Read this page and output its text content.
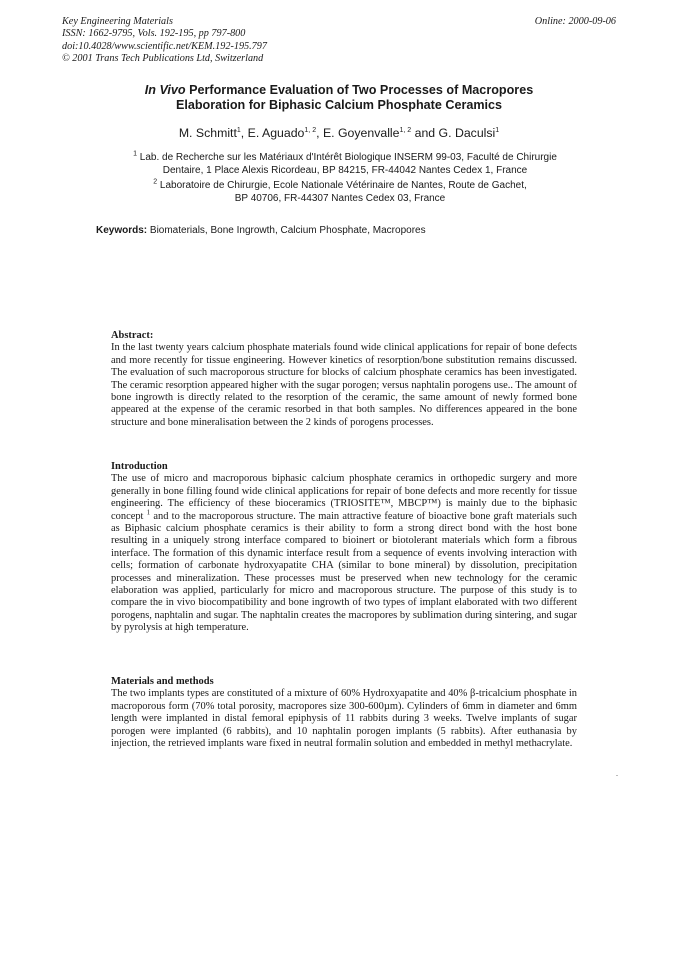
Key Engineering Materials
ISSN: 1662-9795, Vols. 192-195, pp 797-800
doi:10.4028/www.scientific.net/KEM.192-195.797
© 2001 Trans Tech Publications Ltd, Switzerland
Online: 2000-09-06
In Vivo Performance Evaluation of Two Processes of Macropores
Elaboration for Biphasic Calcium Phosphate Ceramics
M. Schmitt$^1$, E. Aguado$^{1, 2}$, E. Goyenvalle$^{1, 2}$ and G. Daculsi$^1$
$^1$ Lab. de Recherche sur les Matériaux d'Intérêt Biologique INSERM 99-03, Faculté de Chirurgie
Dentaire, 1 Place Alexis Ricordeau, BP 84215, FR-44042 Nantes Cedex 1, France
$^2$ Laboratoire de Chirurgie, Ecole Nationale Vétérinaire de Nantes, Route de Gachet,
BP 40706, FR-44307 Nantes Cedex 03, France
Keywords: Biomaterials, Bone Ingrowth, Calcium Phosphate, Macropores
Abstract:

In the last twenty years calcium phosphate materials found wide clinical applications for repair of bone defects and more recently for tissue engineering. However kinetics of resorption/bone substitution remains discussed. The evaluation of such macroporous structure for blocks of calcium phosphate ceramics has been investigated. The ceramic resorption appeared higher with the sugar porogen; versus naphtalin porogens use.. The amount of bone ingrowth is directly related to the resorption of the ceramic, the same amount of newly formed bone appeared at the expense of the ceramic resorbed in that both samples. No differences appeared in the bone structure and bone mineralisation between the 2 kinds of porogens processes.

Introduction

The use of micro and macroporous biphasic calcium phosphate ceramics in orthopedic surgery and more generally in bone filling found wide clinical applications for repair of bone defects and more recently for tissue engineering. The efficiency of these bioceramics (TRIOSITE™, MBCP™) is mainly due to the biphasic concept $^1$ and to the macroporous structure. The main attractive feature of bioactive bone graft materials such as Biphasic calcium phosphate ceramics is their ability to form a strong direct bond with the host bone resulting in a uniquely strong interface compared to bioinert or biotolerant materials which form a fibrous interface. The formation of this dynamic interface result from a sequence of events involving interaction with cells; formation of carbonate hydroxyapatite CHA (similar to bone mineral) by dissolution, precipitation processes and mineralization. These processes must be preserved when new technology for the ceramic elaboration was applied, particularly for micro and macroporous structure. The purpose of this study is to compare the in vivo biocompatibility and bone ingrowth of two types of implant elaborated with two different porogens, naphtalin and sugar. The naphtalin creates the macropores by sublimation during sintering, and sugar by pyrolysis at high temperature.

Materials and methods

The two implants types are constituted of a mixture of 60% Hydroxyapatite and 40% β-tricalcium phosphate in macroporous form (70% total porosity, macropores size 300-600µm). Cylinders of 6mm in diameter and 6mm length were implanted in distal femoral epiphysis of 11 rabbits during 3 weeks. Twelve implants of sugar porogen were implanted (6 rabbits), and 10 naphtalin porogen implants (5 rabbits). After euthanasia by injection, the retrieved implants ware fixed in neutral formalin solution and embedded in methyl methacrylate.
